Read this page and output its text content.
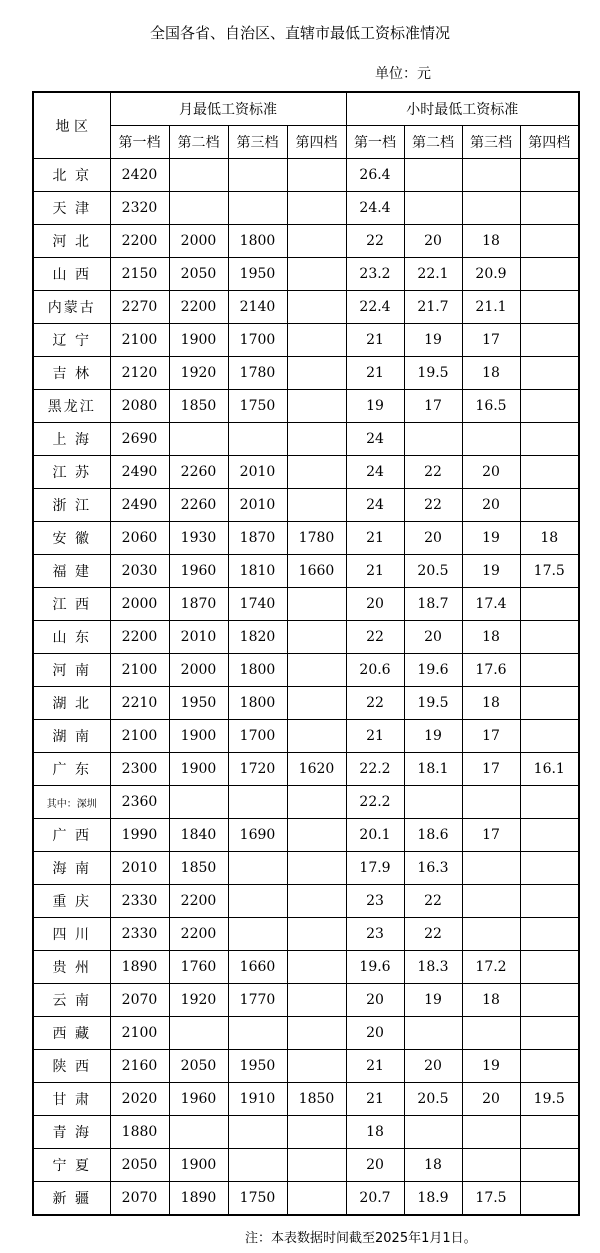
全国各省、自治区、直辖市最低工资标准情况
单位：元
地 区	月最低工资标准				小时最低工资标准			
	第一档	第二档	第三档	第四档	第一档	第二档	第三档	第四档
北 京	2420				26.4			
天 津	2320				24.4			
河 北	2200	2000	1800		22	20	18	
山 西	2150	2050	1950		23.2	22.1	20.9	
内蒙古	2270	2200	2140		22.4	21.7	21.1	
辽 宁	2100	1900	1700		21	19	17	
吉 林	2120	1920	1780		21	19.5	18	
黑龙江	2080	1850	1750		19	17	16.5	
上 海	2690				24			
江 苏	2490	2260	2010		24	22	20	
浙 江	2490	2260	2010		24	22	20	
安 徽	2060	1930	1870	1780	21	20	19	18
福 建	2030	1960	1810	1660	21	20.5	19	17.5
江 西	2000	1870	1740		20	18.7	17.4	
山 东	2200	2010	1820		22	20	18	
河 南	2100	2000	1800		20.6	19.6	17.6	
湖 北	2210	1950	1800		22	19.5	18	
湖 南	2100	1900	1700		21	19	17	
广 东	2300	1900	1720	1620	22.2	18.1	17	16.1
其中：深圳	2360				22.2			
广 西	1990	1840	1690		20.1	18.6	17	
海 南	2010	1850			17.9	16.3		
重 庆	2330	2200			23	22		
四 川	2330	2200			23	22		
贵 州	1890	1760	1660		19.6	18.3	17.2	
云 南	2070	1920	1770		20	19	18	
西 藏	2100				20			
陕 西	2160	2050	1950		21	20	19	
甘 肃	2020	1960	1910	1850	21	20.5	20	19.5
青 海	1880				18			
宁 夏	2050	1900			20	18		
新 疆	2070	1890	1750		20.7	18.9	17.5	
注：本表数据时间截至2025年1月1日。
